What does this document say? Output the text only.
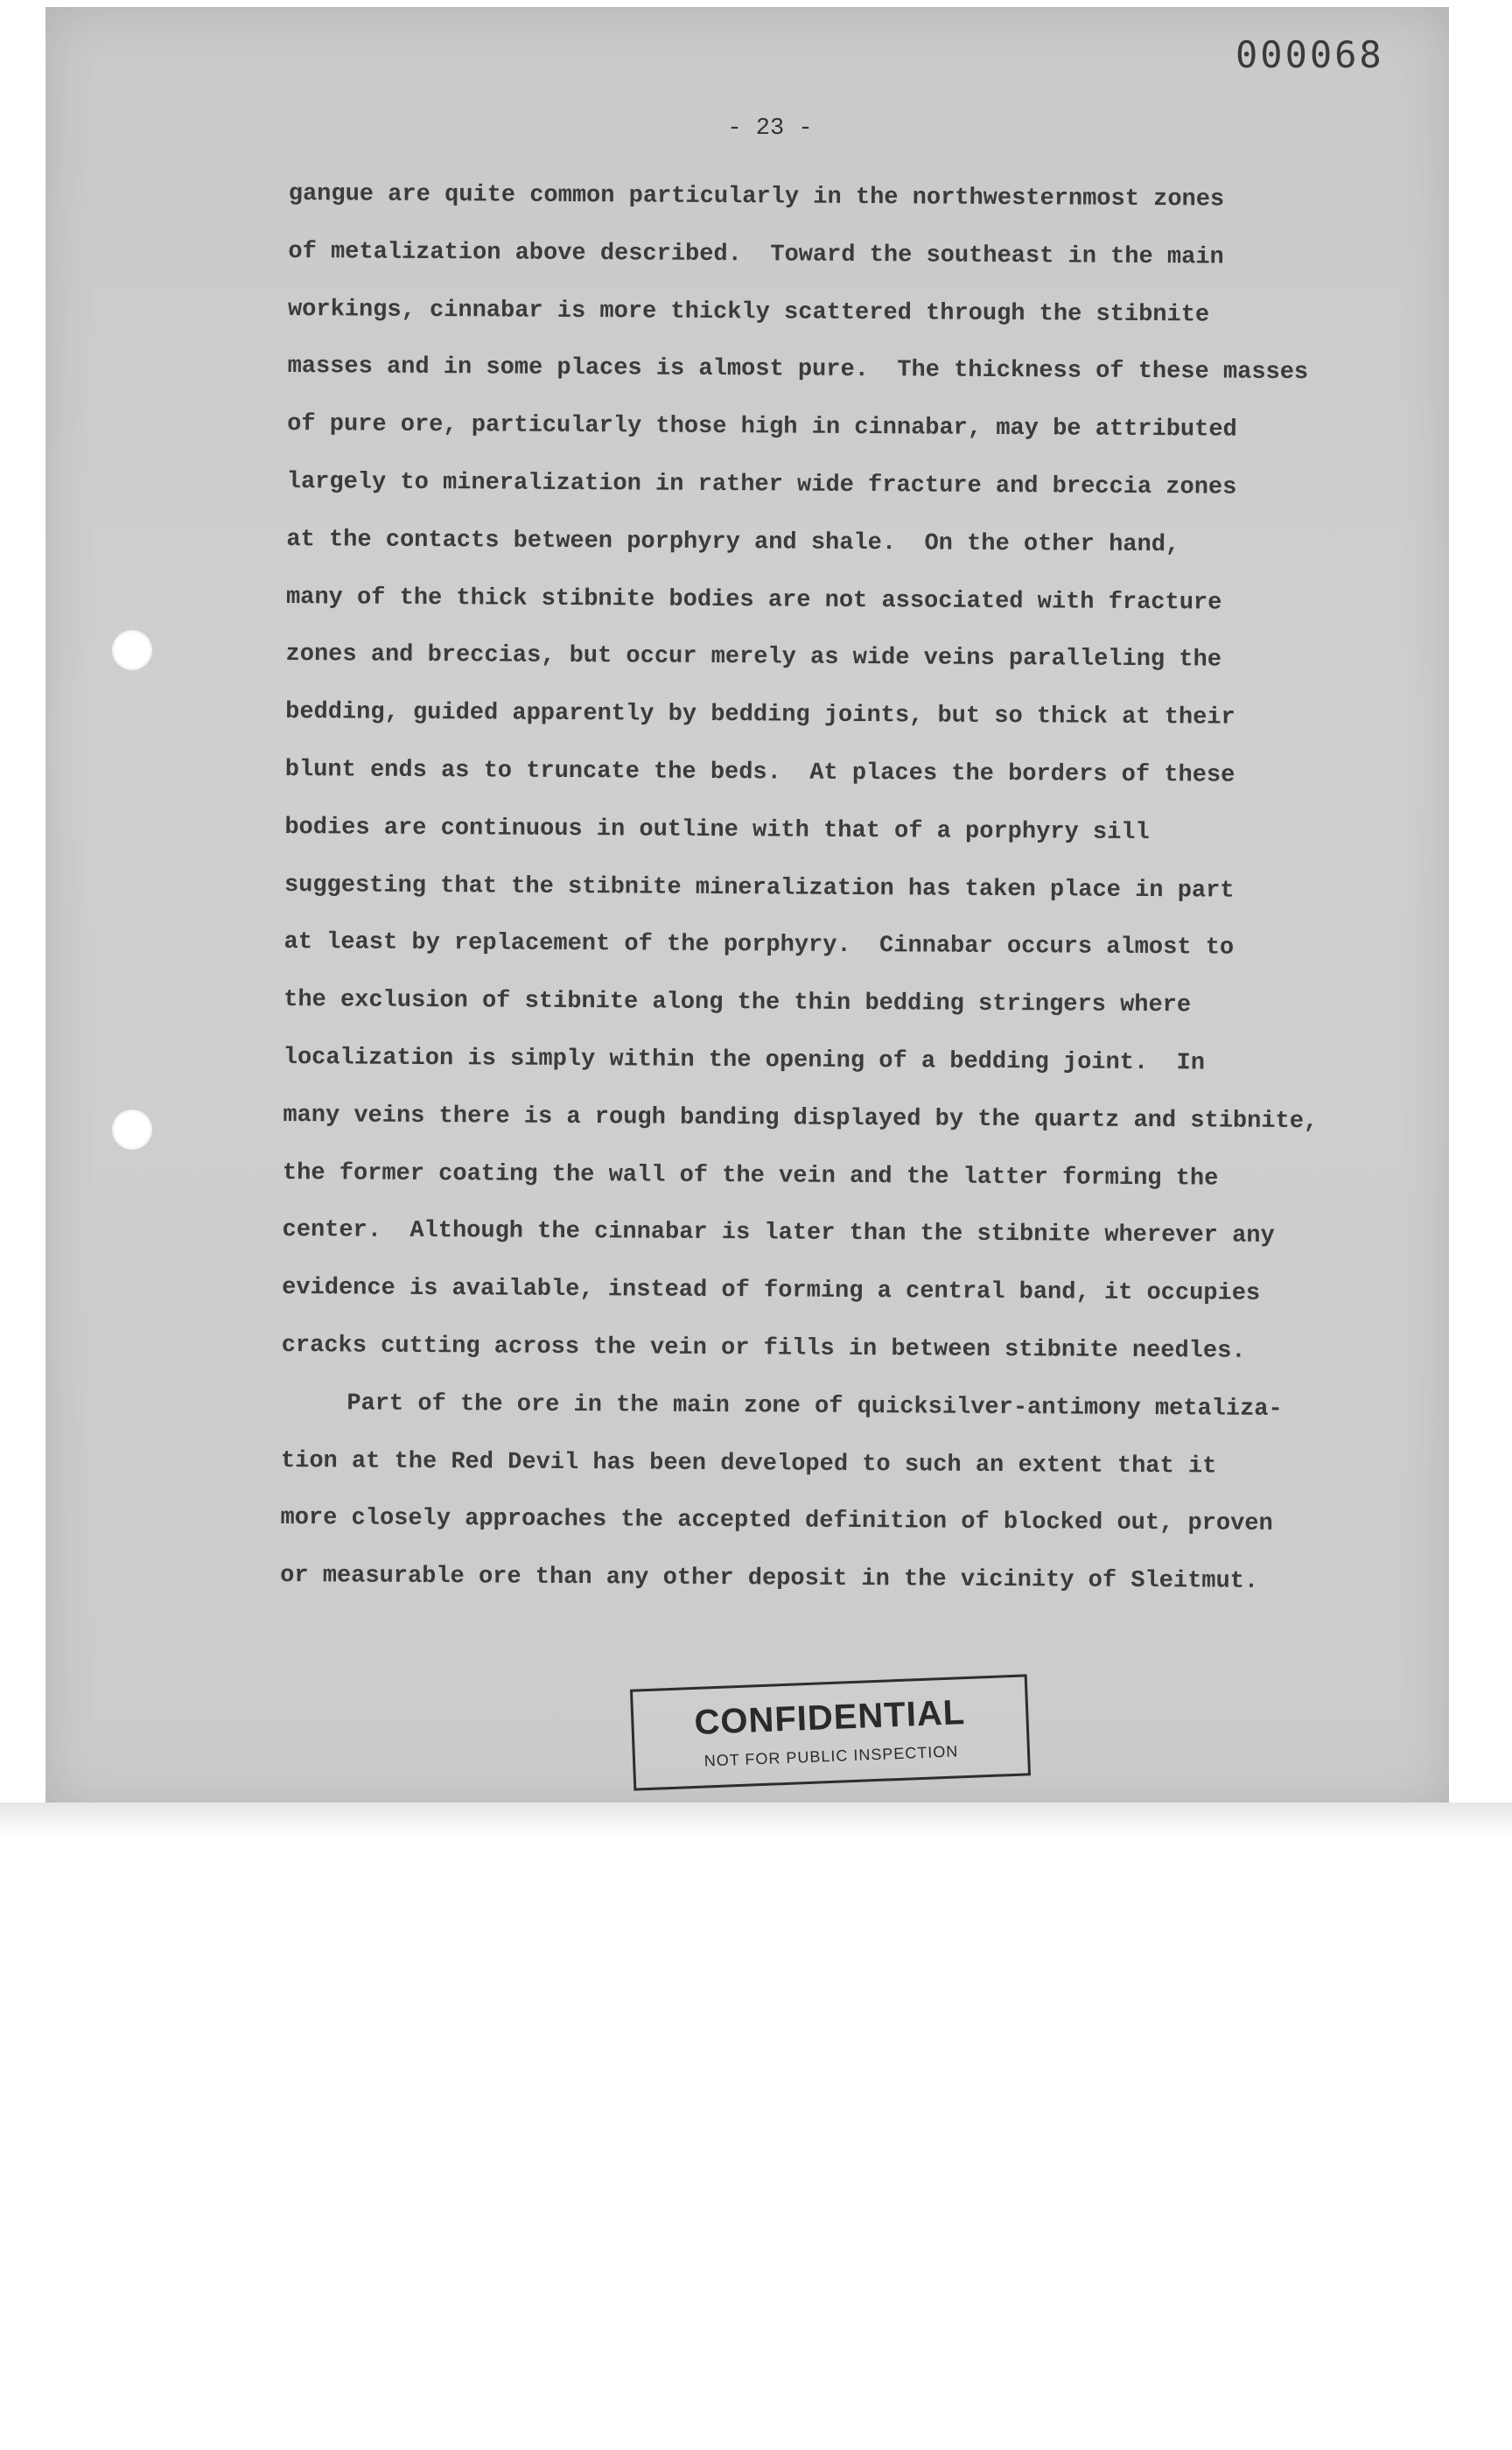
000068
- 23 -
gangue are quite common particularly in the northwesternmost zones
of metalization above described.  Toward the southeast in the main
workings, cinnabar is more thickly scattered through the stibnite
masses and in some places is almost pure.  The thickness of these masses
of pure ore, particularly those high in cinnabar, may be attributed
largely to mineralization in rather wide fracture and breccia zones
at the contacts between porphyry and shale.  On the other hand,
many of the thick stibnite bodies are not associated with fracture
zones and breccias, but occur merely as wide veins paralleling the
bedding, guided apparently by bedding joints, but so thick at their
blunt ends as to truncate the beds.  At places the borders of these
bodies are continuous in outline with that of a porphyry sill
suggesting that the stibnite mineralization has taken place in part
at least by replacement of the porphyry.  Cinnabar occurs almost to
the exclusion of stibnite along the thin bedding stringers where
localization is simply within the opening of a bedding joint.  In
many veins there is a rough banding displayed by the quartz and stibnite,
the former coating the wall of the vein and the latter forming the
center.  Although the cinnabar is later than the stibnite wherever any
evidence is available, instead of forming a central band, it occupies
cracks cutting across the vein or fills in between stibnite needles.
Part of the ore in the main zone of quicksilver-antimony metaliza-
tion at the Red Devil has been developed to such an extent that it
more closely approaches the accepted definition of blocked out, proven
or measurable ore than any other deposit in the vicinity of Sleitmut.
CONFIDENTIAL
NOT FOR PUBLIC INSPECTION
